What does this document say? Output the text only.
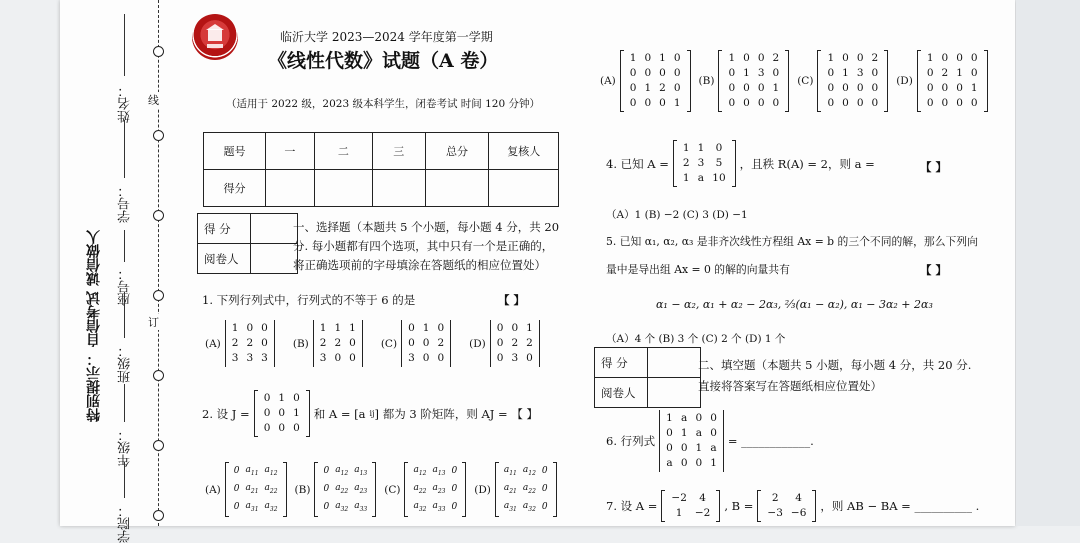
特别提示： 自信考试 诚信做人
姓名：
学号：
座号：
班级：
年级：
学院：
线
订
临沂大学 2023—2024 学年度第一学期
《线性代数》试题（A 卷）
（适用于 2022 级，2023 级本科学生，闭卷考试 时间 120 分钟）
题号	一	二	三	总分	复核人
得分					
得 分	
阅卷人	
一、选择题（本题共 5 个小题，每小题 4 分，共 20
分. 每小题都有四个选项，其中只有一个是正确的，
将正确选项前的字母填涂在答题纸的相应位置处）
1. 下列行列式中，行列式的不等于 6 的是	【 】
(A)
1	0	0
2	2	0
3	3	3
(B)
1	1	1
2	2	0
3	0	0
(C)
0	1	0
0	0	2
3	0	0
(D)
0	0	1
0	2	2
0	3	0
2. 设 J =
0	1	0
0	0	1
0	0	0
和 A = [a ij ] 都为 3 阶矩阵，则 AJ = 【 】
(A)
0	$a_{11}$	$a_{12}$
0	$a_{21}$	$a_{22}$
0	$a_{31}$	$a_{32}$
(B)
0	$a_{12}$	$a_{13}$
0	$a_{22}$	$a_{23}$
0	$a_{32}$	$a_{33}$
(C)
$a_{12}$	$a_{13}$	0
$a_{22}$	$a_{23}$	0
$a_{32}$	$a_{33}$	0
(D)
$a_{11}$	$a_{12}$	0
$a_{21}$	$a_{22}$	0
$a_{31}$	$a_{32}$	0
(A)
1	0	1	0
0	0	0	0
0	1	2	0
0	0	0	1
(B)
1	0	0	2
0	1	3	0
0	0	0	1
0	0	0	0
(C)
1	0	0	2
0	1	3	0
0	0	0	0
0	0	0	0
(D)
1	0	0	0
0	2	1	0
0	0	0	1
0	0	0	0
4. 已知 A =
1	1	0
2	3	5
1	a	10
，且秩 R(A) = 2，则 a =	【 】
（A）1 (B) −2 (C) 3 (D) −1
5. 已知 α₁, α₂, α₃ 是非齐次线性方程组 Ax = b 的三个不同的解，那么下列向
量中是导出组 Ax = 0 的解的向量共有	【 】
α₁ − α₂, α₁ + α₂ − 2α₃, ²⁄₃(α₁ − α₂), α₁ − 3α₂ + 2α₃
（A）4 个 (B) 3 个 (C) 2 个 (D) 1 个
得 分	
阅卷人	
二、填空题（本题共 5 小题，每小题 4 分，共 20 分.
直接将答案写在答题纸相应位置处）
6. 行列式
1	a	0	0
0	1	a	0
0	0	1	a
a	0	0	1
= ____________.
7. 设 A =
−2	4
1	−2 , B =
2	4
−3	−6 ，则 AB − BA = __________ .
